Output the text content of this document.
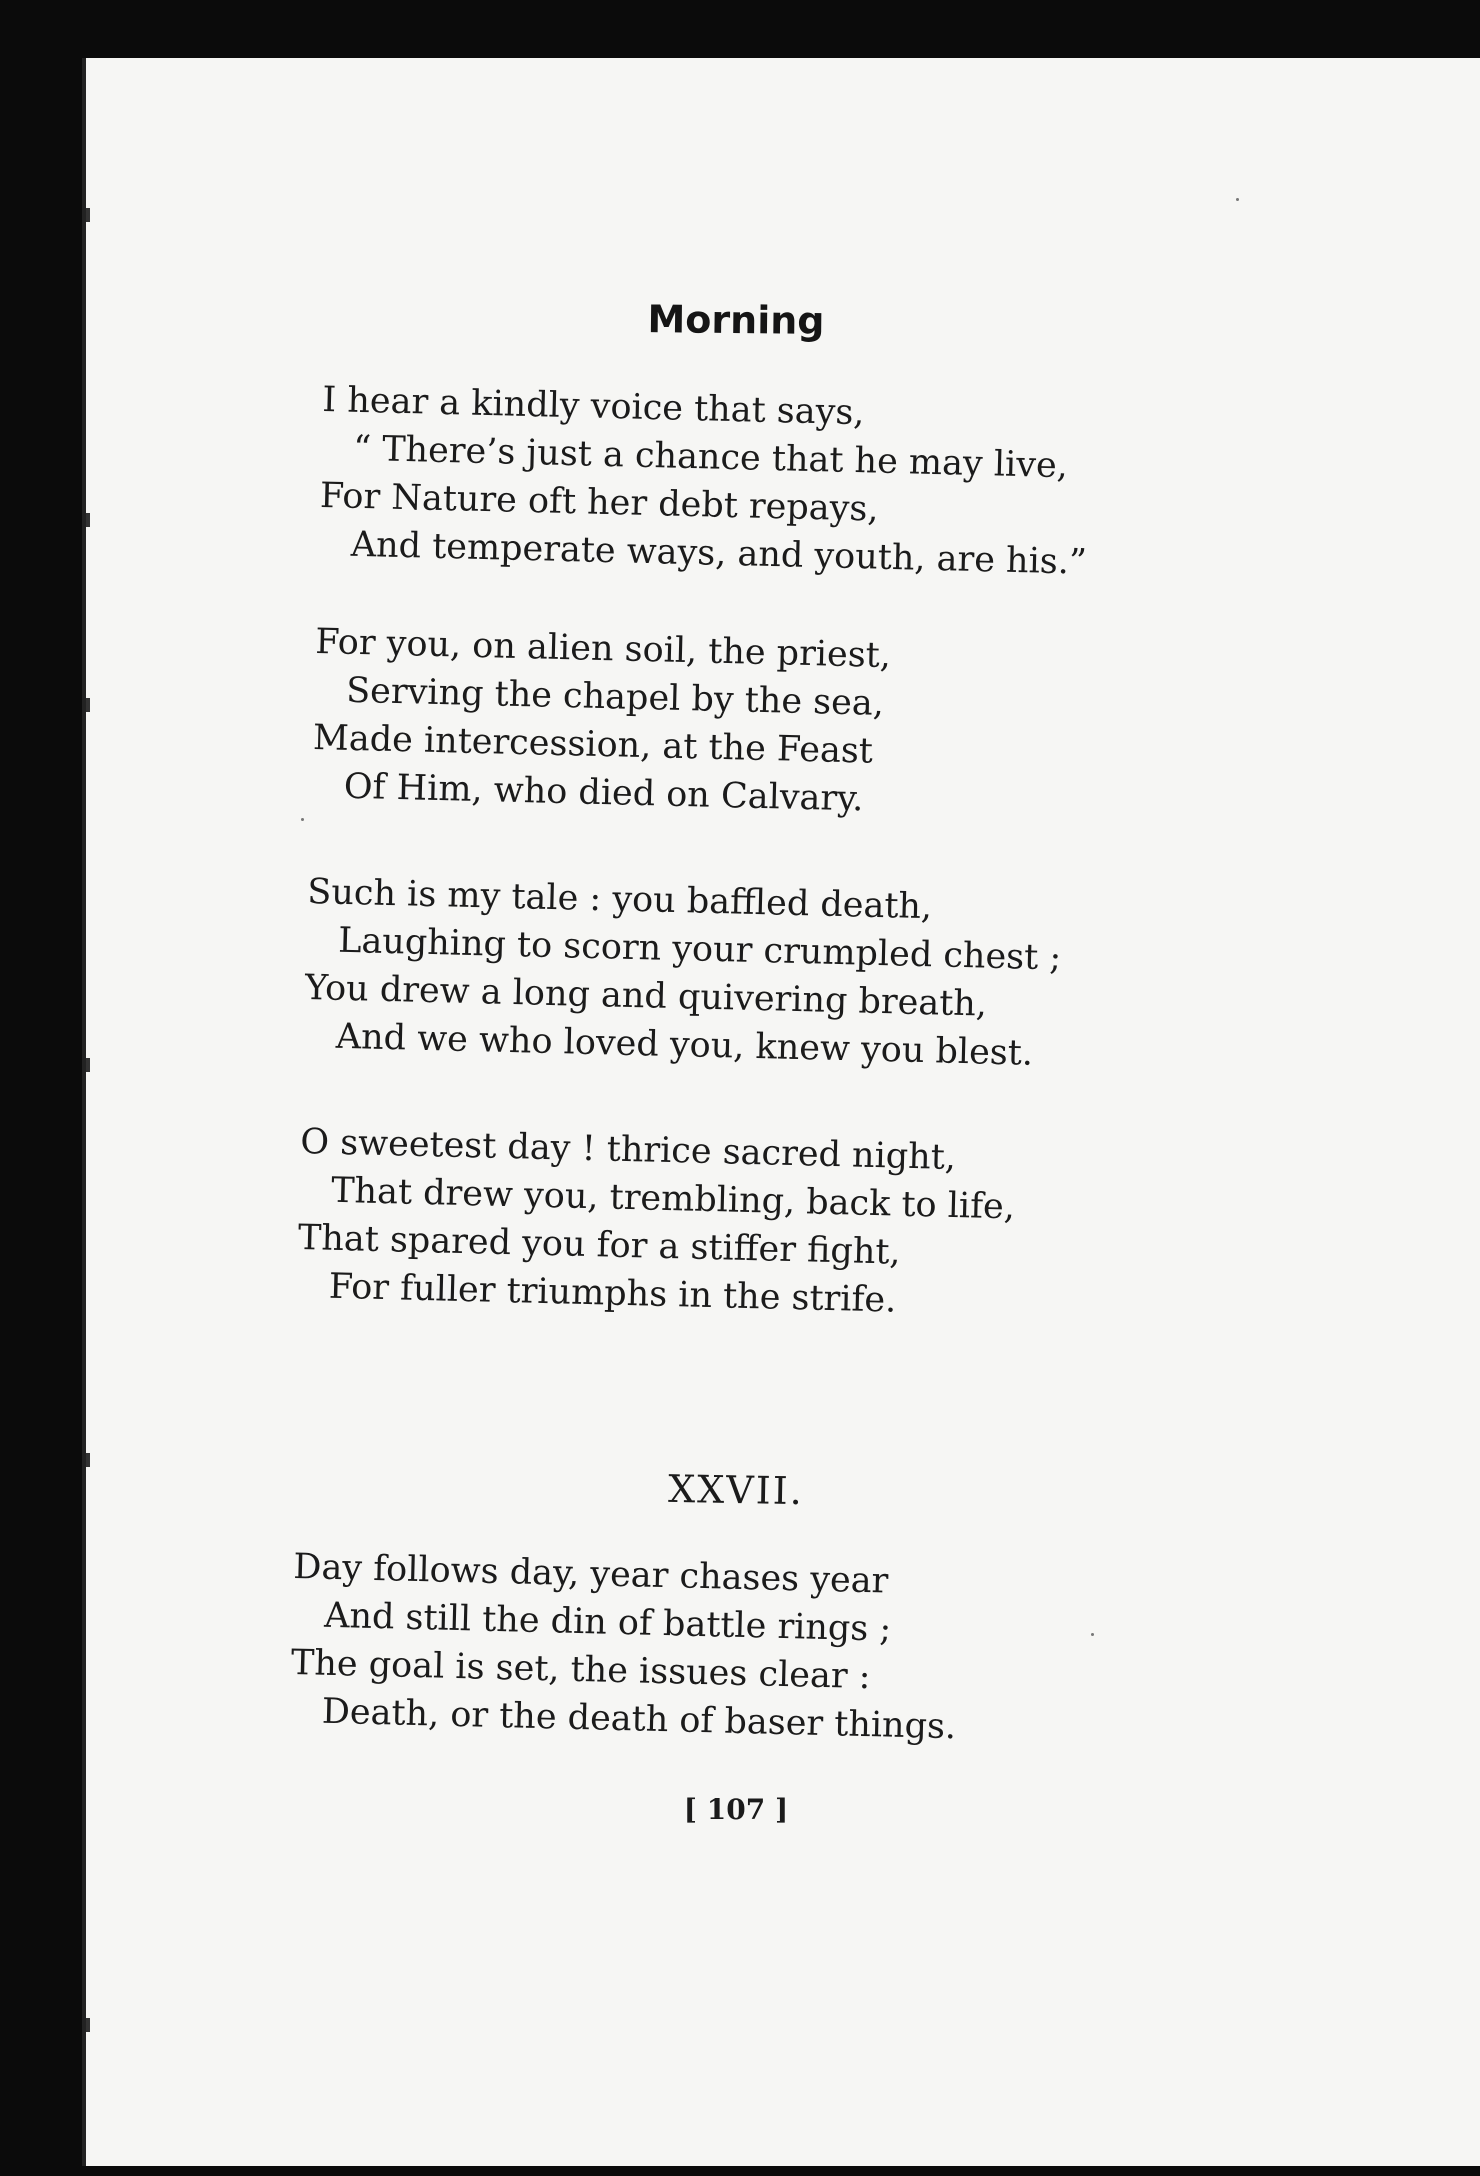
Morning
I hear a kindly voice that says,
“ There’s just a chance that he may live,
For Nature oft her debt repays,
And temperate ways, and youth, are his.”
For you, on alien soil, the priest,
Serving the chapel by the sea,
Made intercession, at the Feast
Of Him, who died on Calvary.
Such is my tale : you baffled death,
Laughing to scorn your crumpled chest ;
You drew a long and quivering breath,
And we who loved you, knew you blest.
O sweetest day ! thrice sacred night,
That drew you, trembling, back to life,
That spared you for a stiffer fight,
For fuller triumphs in the strife.
XXVII.
Day follows day, year chases year
And still the din of battle rings ;
The goal is set, the issues clear :
Death, or the death of baser things.
[ 107 ]
